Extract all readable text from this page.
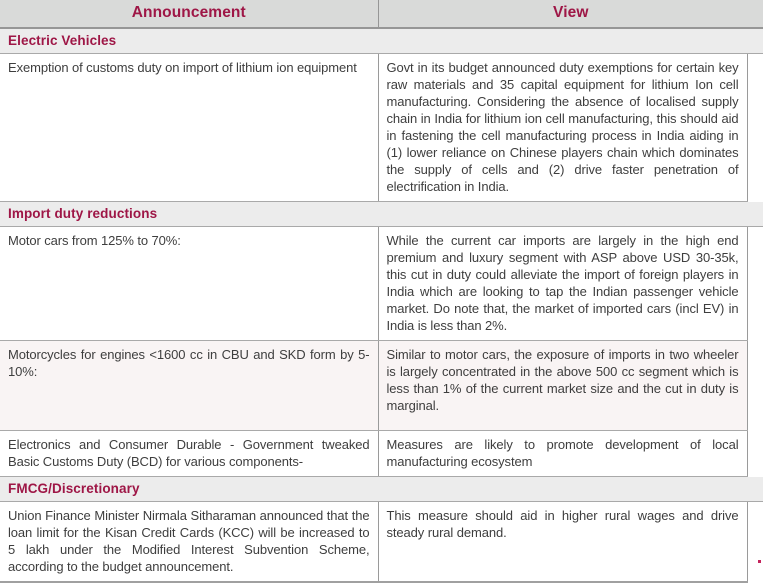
Announcement	View	
Electric Vehicles		
Exemption of customs duty on import of lithium ion equipment	Govt in its budget announced duty exemptions for certain key raw materials and 35 capital equipment for lithium Ion cell manufacturing. Considering the absence of localised supply chain in India for lithium ion cell manufacturing, this should aid in fastening the cell manufacturing process in India aiding in (1) lower reliance on Chinese players chain which dominates the supply of cells and (2) drive faster penetration of electrification in India.	
Import duty reductions		
Motor cars from 125% to 70%:	While the current car imports are largely in the high end premium and luxury segment with ASP above USD 30-35k, this cut in duty could alleviate the import of foreign players in India which are looking to tap the Indian passenger vehicle market. Do note that, the market of imported cars (incl EV) in India is less than 2%.	
Motorcycles for engines <1600 cc in CBU and SKD form by 5-10%:	Similar to motor cars, the exposure of imports in two wheeler is largely concentrated in the above 500 cc segment which is less than 1% of the current market size and the cut in duty is marginal.	
Electronics and Consumer Durable - Government tweaked Basic Customs Duty (BCD) for various components-	Measures are likely to promote development of local manufacturing ecosystem	
FMCG/Discretionary		
Union Finance Minister Nirmala Sitharaman announced that the loan limit for the Kisan Credit Cards (KCC) will be increased to 5 lakh under the Modified Interest Subvention Scheme, according to the budget announcement.	This measure should aid in higher rural wages and drive steady rural demand.	
